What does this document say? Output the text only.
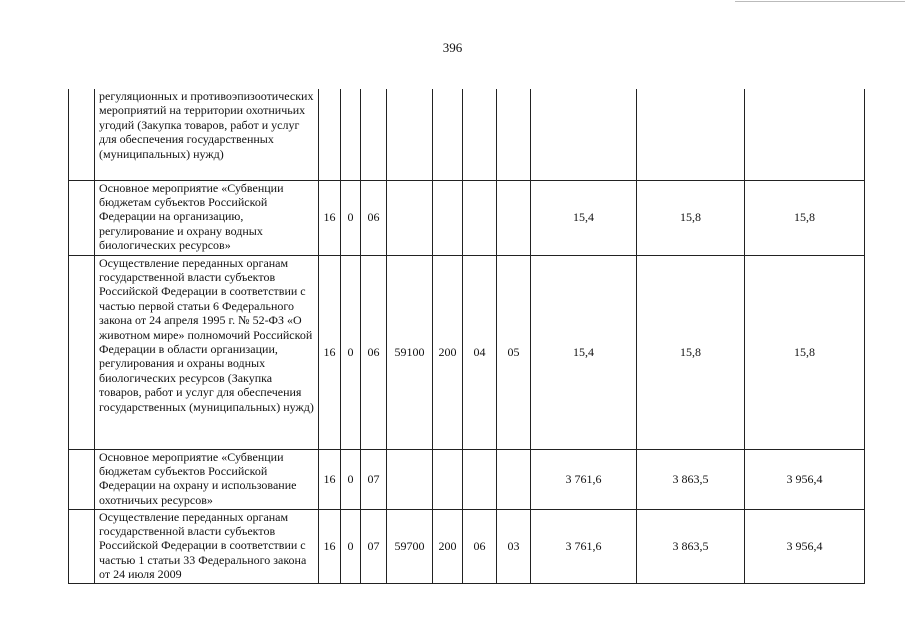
396

	регуляционных и противоэпизоотических мероприятий на территории охотничьих угодий (Закупка товаров, работ и услуг для обеспечения государственных (муниципальных) нужд)										

	Основное мероприятие «Субвенции бюджетам субъектов Российской Федерации на организацию, регулирование и охрану водных биологических ресурсов»	16	0	06					15,4	15,8	15,8

	Осуществление переданных органам государственной власти субъектов Российской Федерации в соответствии с частью первой статьи 6 Федерального закона от 24 апреля 1995 г. № 52-ФЗ «О животном мире» полномочий Российской Федерации в области организации, регулирования и охраны водных биологических ресурсов (Закупка товаров, работ и услуг для обеспечения государственных (муниципальных) нужд)	16	0	06	59100	200	04	05	15,4	15,8	15,8

	Основное мероприятие «Субвенции бюджетам субъектов Российской Федерации на охрану и использование охотничьих ресурсов»	16	0	07					3 761,6	3 863,5	3 956,4

	Осуществление переданных органам государственной власти субъектов Российской Федерации в соответствии с частью 1 статьи 33 Федерального закона от 24 июля 2009	16	0	07	59700	200	06	03	3 761,6	3 863,5	3 956,4
